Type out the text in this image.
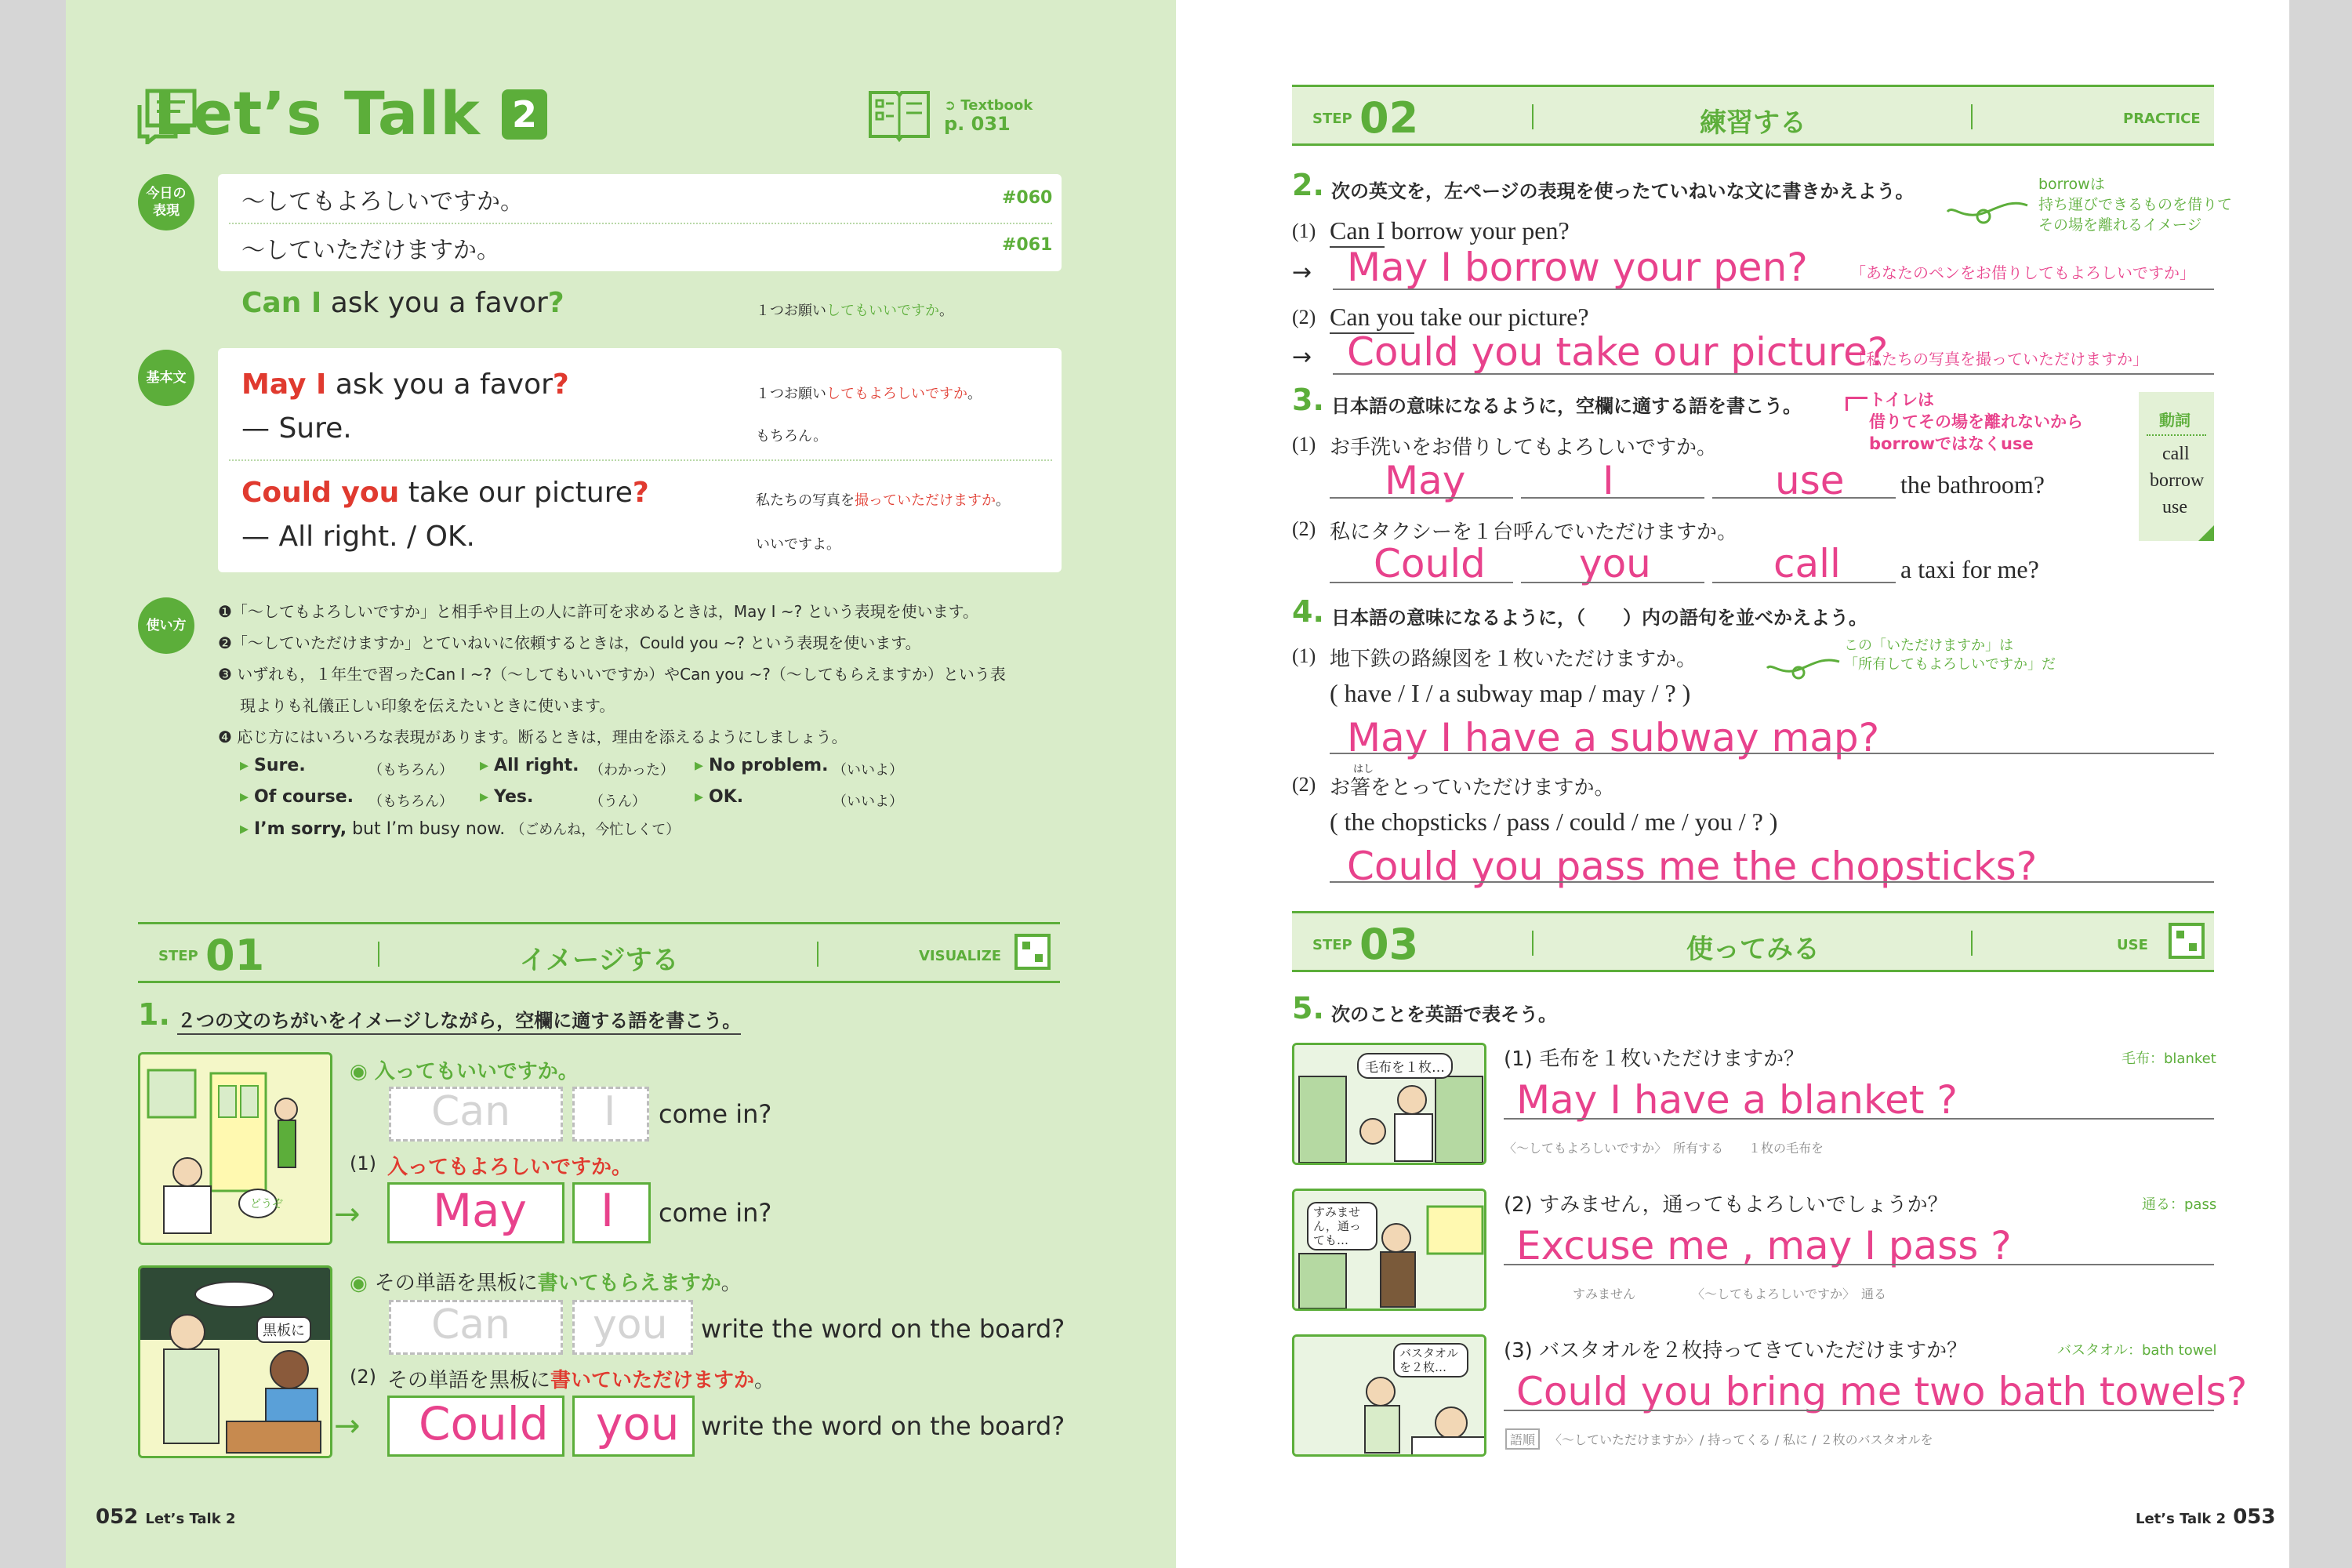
Let’s Talk 2	➲ Textbook
p. 031
今日の表現	～してもよろしいですか。	#060
～していただけますか。	#061
Can I ask you a favor?	１つお願いしてもいいですか。
基本文 May I ask you a favor?	１つお願いしてもよろしいですか。
— Sure.	もちろん。
Could you take our picture?	私たちの写真を撮っていただけますか。
— All right. / OK.	いいですよ。
使い方
❶「～してもよろしいですか」と相手や目上の人に許可を求めるときは，May I ~? という表現を使います。
❷「～していただけますか」とていねいに依頼するときは，Could you ~? という表現を使います。
❸ いずれも，１年生で習ったCan I ~?（～してもいいですか）やCan you ~?（～してもらえますか）という表
現よりも礼儀正しい印象を伝えたいときに使います。
❹ 応じ方にはいろいろな表現があります。断るときは，理由を添えるようにしましょう。
▸ Sure.	（もちろん） ▸ All right. （わかった） ▸ No problem. （いいよ）
▸ Of course. （もちろん） ▸ Yes.	（うん）	▸ OK.	（いいよ）
▸ I’m sorry, but I’m busy now. （ごめんね，今忙しくて）
STEP 01	イメージする	VISUALIZE
1. ２つの文のちがいをイメージしながら，空欄に適する語を書こう。
どうぞ
◉ 入ってもいいですか。
Can I come in?
(1) 入ってもよろしいですか。
→ May I come in?
黒板に
◉ その単語を黒板に書いてもらえますか。
Can you write the word on the board?
(2) その単語を黒板に書いていただけますか。
→ Could you write the word on the board?
052 Let’s Talk 2
STEP 02	練習する	PRACTICE
2. 次の英文を，左ページの表現を使ったていねいな文に書きかえよう。	borrowは
持ち運びできるものを借りて
その場を離れるイメージ
(1) Can I borrow your pen?
→ May I borrow your pen?	「あなたのペンをお借りしてもよろしいですか」
(2) Can you take our picture?
→ Could you take our picture?
「私たちの写真を撮っていただけますか」
3. 日本語の意味になるように，空欄に適する語を書こう。	トイレは
借りてその場を離れないから
borrowではなくuse
動詞
call
borrow
use
(1) お手洗いをお借りしてもよろしいですか。
May	I	use the bathroom?
(2) 私にタクシーを１台呼んでいただけますか。
Could you	call a taxi for me?
4. 日本語の意味になるように，（　　）内の語句を並べかえよう。
この「いただけますか」は
「所有してもよろしいですか」だ
(1) 地下鉄の路線図を１枚いただけますか。
( have / I / a subway map / may / ? )
May I have a subway map?
(2)
はし
お箸をとっていただけますか。
( the chopsticks / pass / could / me / you / ? )
Could you pass me the chopsticks?
STEP 03	使ってみる	USE
5. 次のことを英語で表そう。
毛布を１枚…	(1) 毛布を１枚いただけますか？	毛布：blanket
May I have a blanket ?
〈～してもよろしいですか〉　所有する　　１枚の毛布を
すみません，通っても…
(2) すみません，通ってもよろしいでしょうか？	通る：pass
Excuse me , may I pass ?
すみません　　　　　〈～してもよろしいですか〉　通る
バスタオルを２枚…
(3) バスタオルを２枚持ってきていただけますか？	バスタオル：bath towel
Could you bring me two bath towels?
語順	〈～していただけますか〉/ 持ってくる / 私に / ２枚のバスタオルを
Let’s Talk 2 053
